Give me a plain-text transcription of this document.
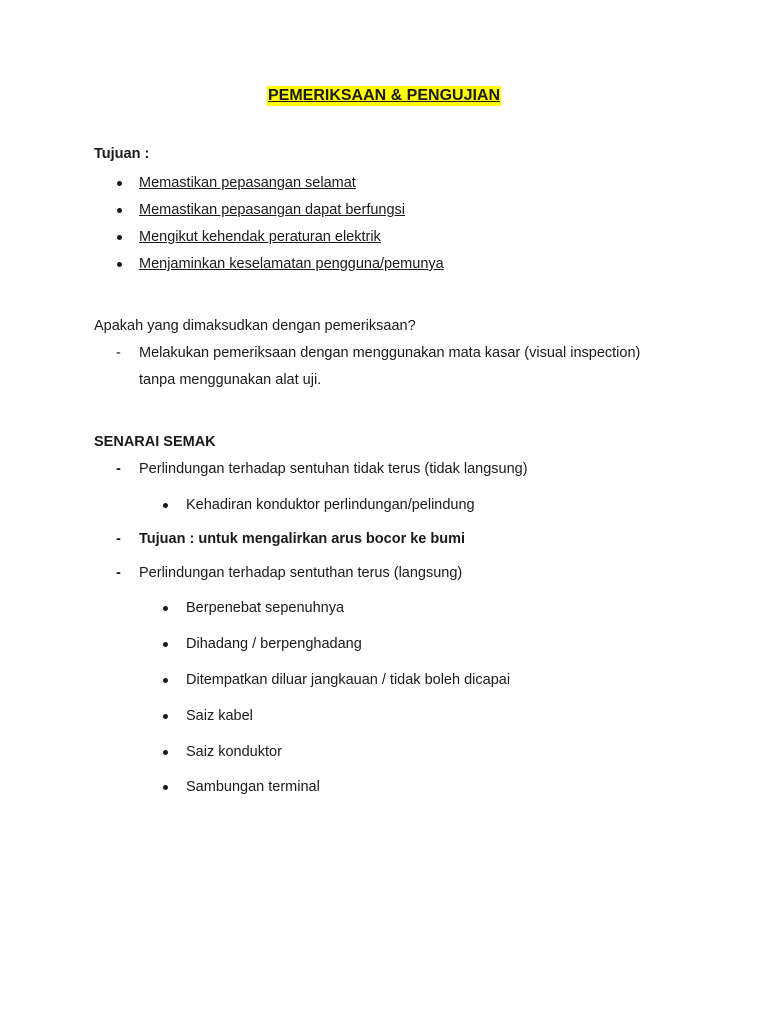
PEMERIKSAAN & PENGUJIAN
Tujuan :
Memastikan pepasangan selamat
Memastikan pepasangan dapat berfungsi
Mengikut kehendak peraturan elektrik
Menjaminkan keselamatan pengguna/pemunya
Apakah yang dimaksudkan dengan pemeriksaan?
- Melakukan pemeriksaan dengan menggunakan mata kasar (visual inspection)
tanpa menggunakan alat uji.
SENARAI SEMAK
- Perlindungan terhadap sentuhan tidak terus (tidak langsung)
Kehadiran konduktor perlindungan/pelindung
- Tujuan : untuk mengalirkan arus bocor ke bumi
- Perlindungan terhadap sentuthan terus (langsung)
Berpenebat sepenuhnya
Dihadang / berpenghadang
Ditempatkan diluar jangkauan / tidak boleh dicapai
Saiz kabel
Saiz konduktor
Sambungan terminal
